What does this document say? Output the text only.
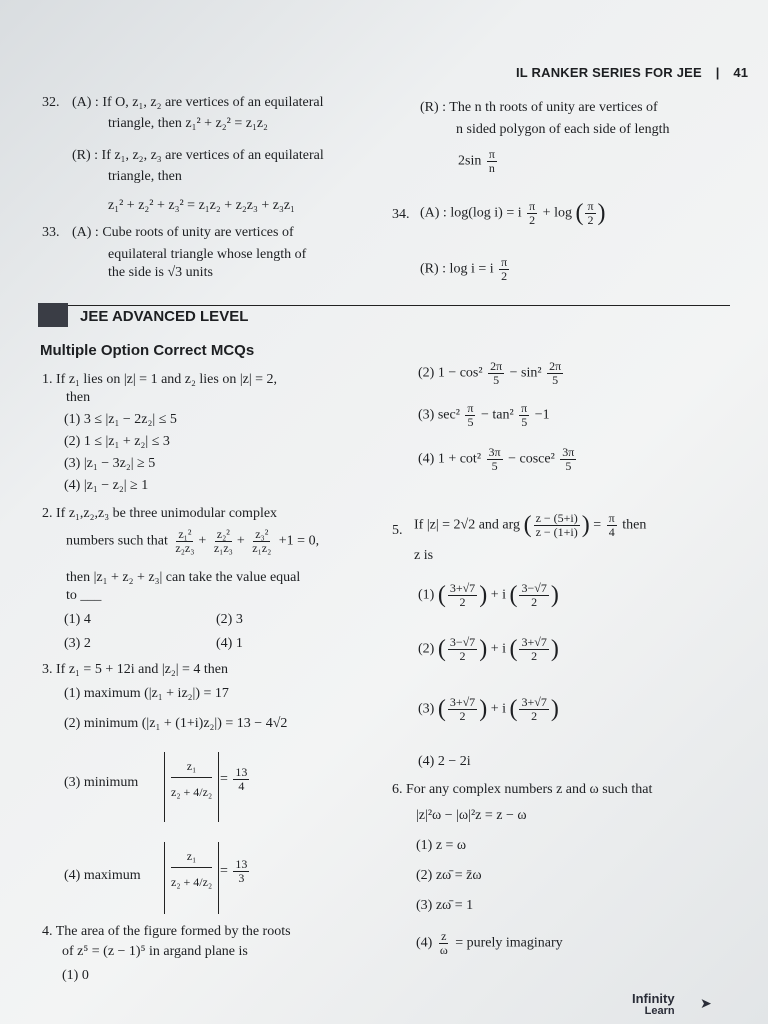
IL RANKER SERIES FOR JEE | 41
32. (A) : If O, z₁, z₂ are vertices of an equilateral
triangle, then z₁² + z₂² = z₁z₂
(R) : If z₁, z₂, z₃ are vertices of an equilateral
triangle, then
z₁² + z₂² + z₃² = z₁z₂ + z₂z₃ + z₃z₁
33. (A) : Cube roots of unity are vertices of
equilateral triangle whose length of
the side is √3 units
(R) : The n th roots of unity are vertices of
n sided polygon of each side of length
$2\sin \frac{\pi}{n}$
34. (A) : log(log i) = i $\frac{\pi}{2} + \log$ ( $\frac{\pi}{2}$ )
(R) : log i = i $\frac{\pi}{2}$
JEE ADVANCED LEVEL
Multiple Option Correct MCQs
1. If z₁ lies on |z| = 1 and z₂ lies on |z| = 2,
then
(1) 3 ≤ |z₁ − 2z₂| ≤ 5
(2) 1 ≤ |z₁ + z₂| ≤ 3
(3) |z₁ − 3z₂| ≥ 5
(4) |z₁ − z₂| ≥ 1
2. If z₁,z₂,z₃ be three unimodular complex
numbers such that $\frac{\text{z₁²}}{\text{z₂z₃}} + \frac{\text{z₂²}}{\text{z₁z₃}} + \frac{\text{z₃²}}{\text{z₁z₂}} +1 = 0$,
then |z₁ + z₂ + z₃| can take the value equal
to ___
(1) 4	(2) 3
(3) 2	(4) 1
3. If z₁ = 5 + 12i and |z₂| = 4 then
(1) maximum (|z₁ + iz₂|) = 17
(2) minimum (|z₁ + (1+i)z₂|) = 13 − 4√2
(3) minimum $\frac{\text{z₁}}{\text{z₂ + 4/z₂}} = \frac{13}{4}$
(4) maximum $\frac{\text{z₁}}{\text{z₂ + 4/z₂}} = \frac{13}{3}$
4. The area of the figure formed by the roots
of z⁵ = (z − 1)⁵ in argand plane is
(1) 0
(2) $1 - \cos^2 \frac{2\pi}{5} - \sin^2 \frac{2\pi}{5}$
(3) $\sec^2 \frac{\pi}{5} - \tan^2 \frac{\pi}{5} -1$
(4) $1 + \cot^2 \frac{3\pi}{5}$ − cosce² $\frac{3\pi}{5}$
5. If |z| = 2√2 and arg ( $\frac{z - (5+i)}{z - (1+i)}$ ) = $\frac{\pi}{4}$ then
z is
(1) ( $\frac{3+√7}{2}$ ) + i ( $\frac{3-√7}{2}$ )
(2) ( $\frac{3-√7}{2}$ ) + i ( $\frac{3+√7}{2}$ )
(3) ( $\frac{3+√7}{2}$ ) + i ( $\frac{3+√7}{2}$ )
(4) 2 − 2i
6. For any complex numbers z and ω such that
|z|²ω − |ω|²z = z − ω
(1) z = ω
(2) zω̄ = z̄ω
(3) zω̄ = 1
$(4) \frac{z}{\omega}$ = purely imaginary
Infinity
Learn ➤
